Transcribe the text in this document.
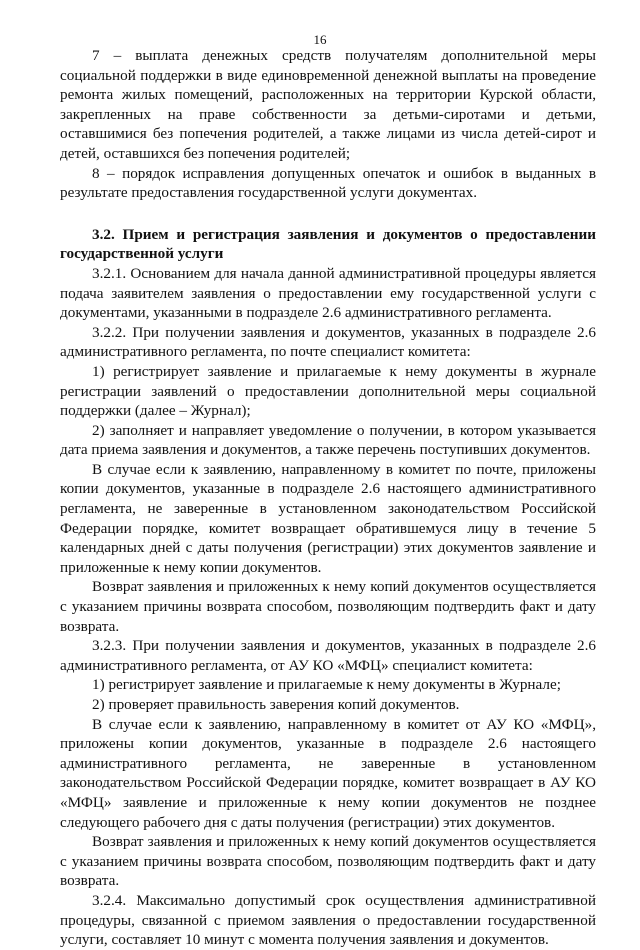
16

7 – выплата денежных средств получателям дополнительной меры социальной поддержки в виде единовременной денежной выплаты на проведение ремонта жилых помещений, расположенных на территории Курской области, закрепленных на праве собственности за детьми-сиротами и детьми, оставшимися без попечения родителей, а также лицами из числа детей-сирот и детей, оставшихся без попечения родителей;

8 – порядок исправления допущенных опечаток и ошибок в выданных в результате предоставления государственной услуги документах.

3.2. Прием и регистрация заявления и документов о предоставлении государственной услуги

3.2.1. Основанием для начала данной административной процедуры является подача заявителем заявления о предоставлении ему государственной услуги с документами, указанными в подразделе 2.6 административного регламента.

3.2.2. При получении заявления и документов, указанных в подразделе 2.6 административного регламента, по почте специалист комитета:

1) регистрирует заявление и прилагаемые к нему документы в журнале регистрации заявлений о предоставлении дополнительной меры социальной поддержки (далее – Журнал);

2) заполняет и направляет уведомление о получении, в котором указывается дата приема заявления и документов, а также перечень поступивших документов.

В случае если к заявлению, направленному в комитет по почте, приложены копии документов, указанные в подразделе 2.6 настоящего административного регламента, не заверенные в установленном законодательством Российской Федерации порядке, комитет возвращает обратившемуся лицу в течение 5 календарных дней с даты получения (регистрации) этих документов заявление и приложенные к нему копии документов.

Возврат заявления и приложенных к нему копий документов осуществляется с указанием причины возврата способом, позволяющим подтвердить факт и дату возврата.

3.2.3. При получении заявления и документов, указанных в подразделе 2.6 административного регламента, от АУ КО «МФЦ» специалист комитета:

1) регистрирует заявление и прилагаемые к нему документы в Журнале;

2) проверяет правильность заверения копий документов.

В случае если к заявлению, направленному в комитет от АУ КО «МФЦ», приложены копии документов, указанные в подразделе 2.6 настоящего административного регламента, не заверенные в установленном законодательством Российской Федерации порядке, комитет возвращает в АУ КО «МФЦ» заявление и приложенные к нему копии документов не позднее следующего рабочего дня с даты получения (регистрации) этих документов.

Возврат заявления и приложенных к нему копий документов осуществляется с указанием причины возврата способом, позволяющим подтвердить факт и дату возврата.

3.2.4. Максимально допустимый срок осуществления административной процедуры, связанной с приемом заявления о предоставлении государственной услуги, составляет 10 минут с момента получения заявления и документов.
